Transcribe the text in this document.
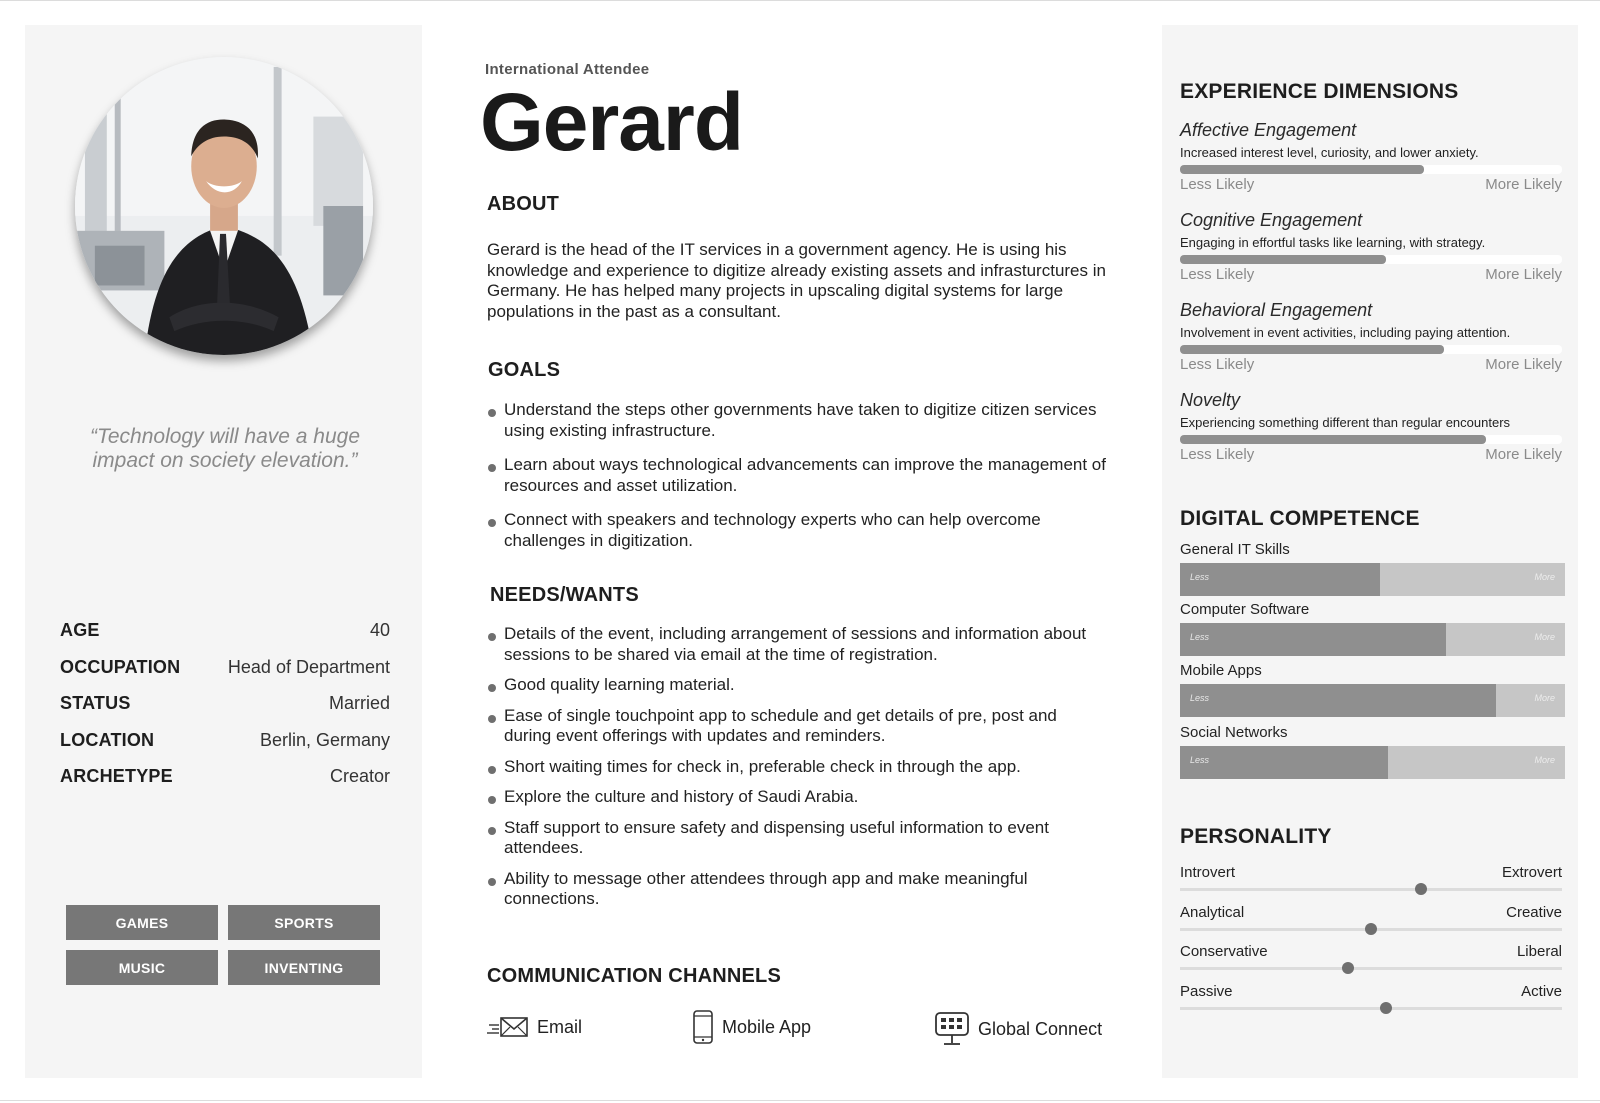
“Technology will have a huge impact on society elevation.”
AGE	40
OCCUPATION	Head of Department
STATUS	Married
LOCATION	Berlin, Germany
ARCHETYPE	Creator
GAMES	SPORTS
MUSIC	INVENTING
International Attendee
Gerard
ABOUT
Gerard is the head of the IT services in a government agency. He is using his knowledge and experience to digitize already existing assets and infrasturctures in Germany. He has helped many projects in upscaling digital systems for large populations in the past as a consultant.
GOALS
Understand the steps other governments have taken to digitize citizen services using existing infrastructure.
Learn about ways technological advancements can improve the management of resources and asset utilization.
Connect with speakers and technology experts who can help overcome challenges in digitization.
NEEDS/WANTS
Details of the event, including arrangement of sessions and information about sessions to be shared via email at the time of registration.
Good quality learning material.
Ease of single touchpoint app to schedule and get details of pre, post and during event offerings with updates and reminders.
Short waiting times for check in, preferable check in through the app.
Explore the culture and history of Saudi Arabia.
Staff support to ensure safety and dispensing useful information to event attendees.
Ability to message other attendees through app and make meaningful connections.
COMMUNICATION CHANNELS
Email	Mobile App	Global Connect
EXPERIENCE DIMENSIONS
Affective Engagement
Increased interest level, curiosity, and lower anxiety.
Less Likely	More Likely
Cognitive Engagement
Engaging in effortful tasks like learning, with strategy.
Less Likely	More Likely
Behavioral Engagement
Involvement in event activities, including paying attention.
Less Likely	More Likely
Novelty
Experiencing something different than regular encounters
Less Likely	More Likely
DIGITAL COMPETENCE
General IT Skills
Less	More
Computer Software
Less	More
Mobile Apps
Less	More
Social Networks
Less	More
PERSONALITY
Introvert	Extrovert
Analytical	Creative
Conservative	Liberal
Passive	Active
